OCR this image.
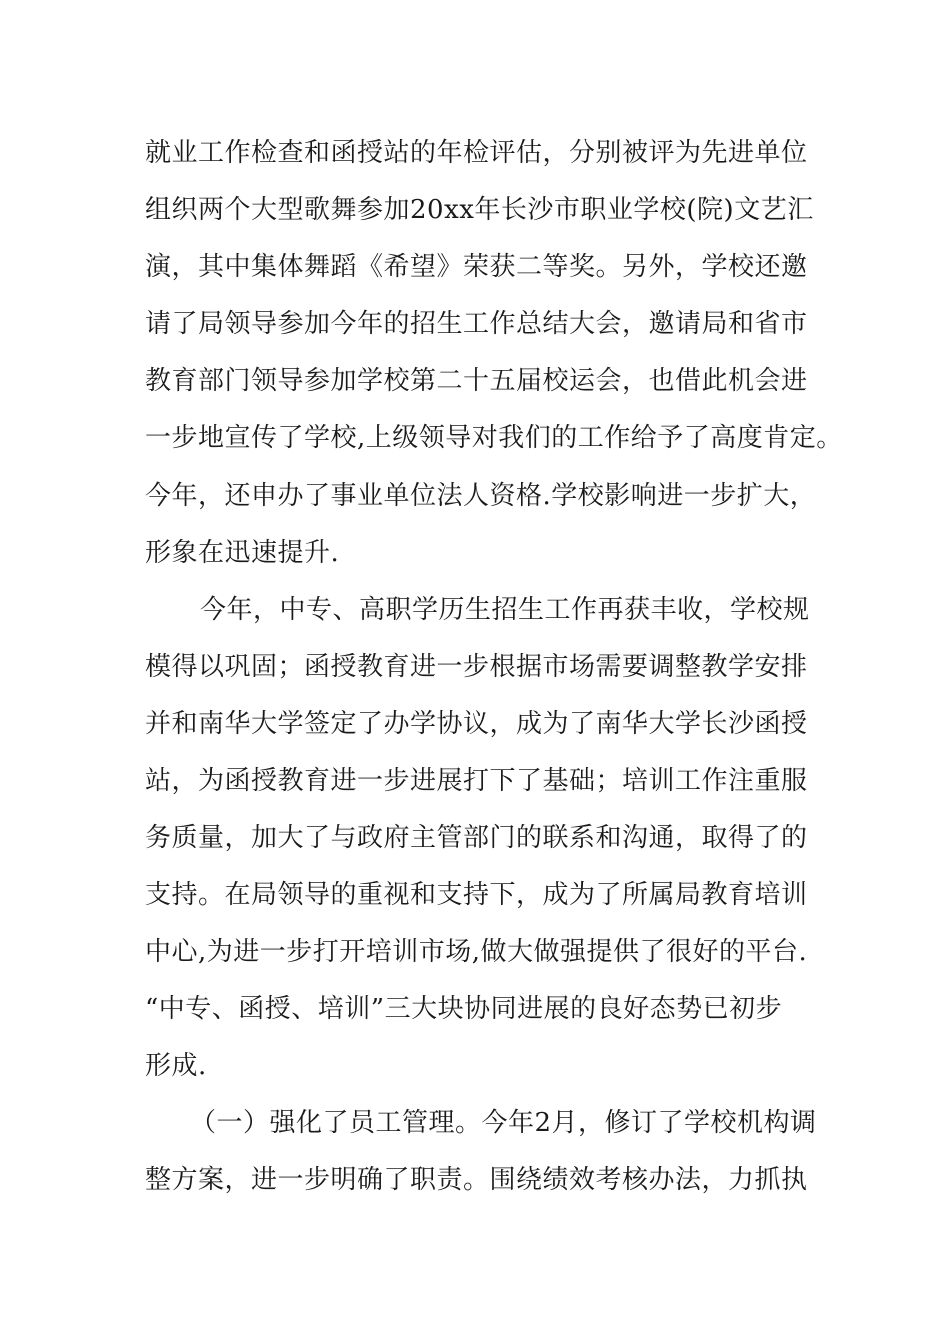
就业工作检查和函授站的年检评估，分别被评为先进单位
组织两个大型歌舞参加20xx年长沙市职业学校(院)文艺汇
演，其中集体舞蹈《希望》荣获二等奖。另外，学校还邀
请了局领导参加今年的招生工作总结大会，邀请局和省市
教育部门领导参加学校第二十五届校运会，也借此机会进
一步地宣传了学校,上级领导对我们的工作给予了高度肯定。
今年，还申办了事业单位法人资格.学校影响进一步扩大，
形象在迅速提升.
今年，中专、高职学历生招生工作再获丰收，学校规
模得以巩固；函授教育进一步根据市场需要调整教学安排
并和南华大学签定了办学协议，成为了南华大学长沙函授
站，为函授教育进一步进展打下了基础；培训工作注重服
务质量，加大了与政府主管部门的联系和沟通，取得了的
支持。在局领导的重视和支持下，成为了所属局教育培训
中心,为进一步打开培训市场,做大做强提供了很好的平台.
“中专、函授、培训”三大块协同进展的良好态势已初步
形成.
（一）强化了员工管理。今年2月，修订了学校机构调
整方案，进一步明确了职责。围绕绩效考核办法，力抓执
